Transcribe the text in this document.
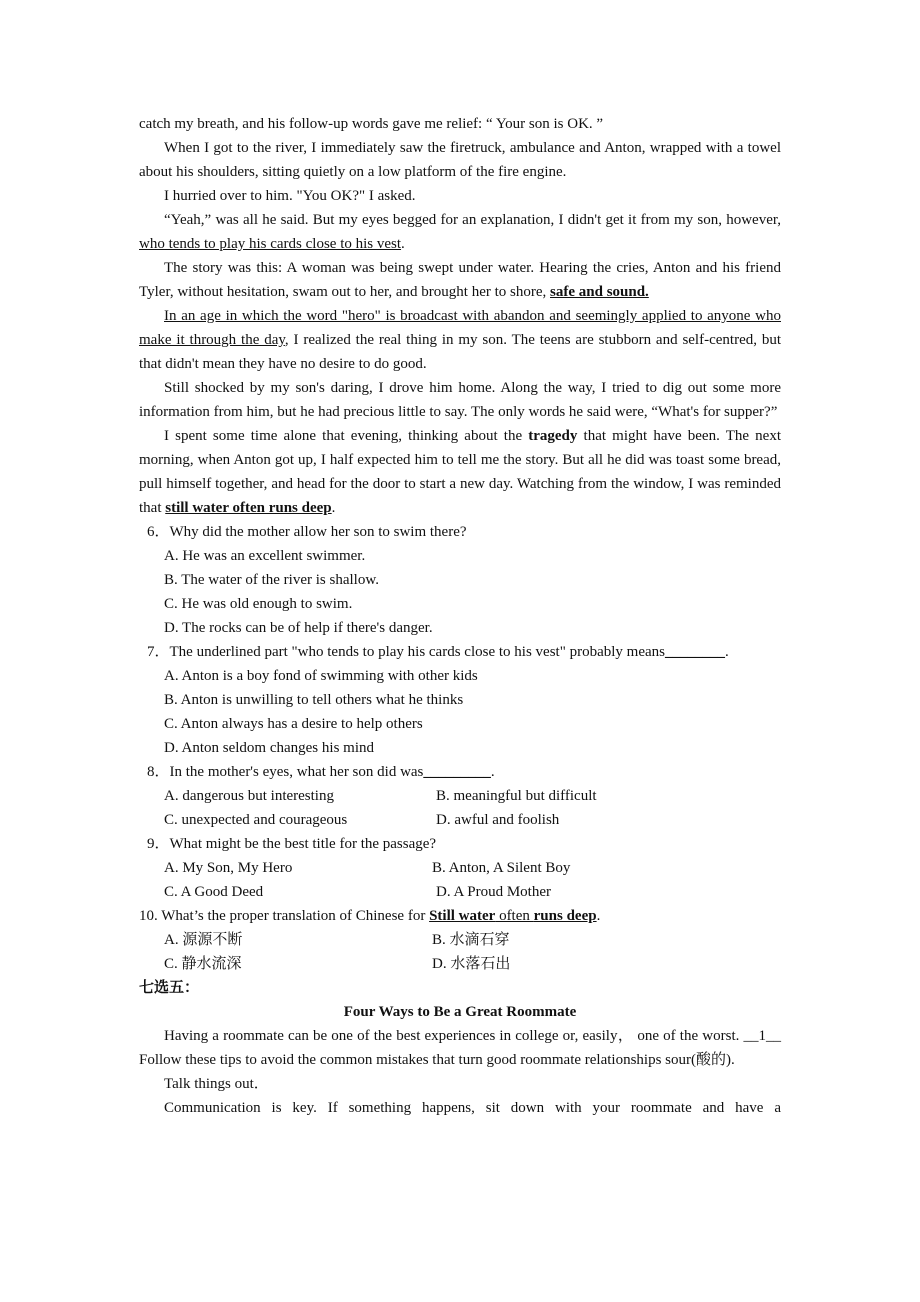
catch my breath, and his follow-up words gave me relief: “ Your son is OK. ”

When I got to the river, I immediately saw the firetruck, ambulance and Anton, wrapped with a towel about his shoulders, sitting quietly on a low platform of the fire engine.

I hurried over to him. "You OK?" I asked.

“Yeah,” was all he said. But my eyes begged for an explanation, I didn't get it from my son, however, who tends to play his cards close to his vest.

The story was this: A woman was being swept under water. Hearing the cries, Anton and his friend Tyler, without hesitation, swam out to her, and brought her to shore, safe and sound.

In an age in which the word "hero" is broadcast with abandon and seemingly applied to anyone who make it through the day, I realized the real thing in my son. The teens are stubborn and self-centred, but that didn't mean they have no desire to do good.

Still shocked by my son's daring, I drove him home. Along the way, I tried to dig out some more information from him, but he had precious little to say. The only words he said were, “What's for supper?”

I spent some time alone that evening, thinking about the tragedy that might have been. The next morning, when Anton got up, I half expected him to tell me the story. But all he did was toast some bread, pull himself together, and head for the door to start a new day. Watching from the window, I was reminded that still water often runs deep.

6．Why did the mother allow her son to swim there?

A. He was an excellent swimmer.

B. The water of the river is shallow.

C. He was old enough to swim.

D. The rocks can be of help if there's danger.

7．The underlined part "who tends to play his cards close to his vest" probably means________.

A. Anton is a boy fond of swimming with other kids

B. Anton is unwilling to tell others what he thinks

C. Anton always has a desire to help others

D. Anton seldom changes his mind

8．In the mother's eyes, what her son did was_________.

A. dangerous but interesting	B. meaningful but difficult
C. unexpected and courageous	D. awful and foolish

9．What might be the best title for the passage?

A. My Son, My Hero	B. Anton, A Silent Boy
C. A Good Deed	D. A Proud Mother

10. What’s the proper translation of Chinese for Still water often runs deep.

A. 源源不断	B. 水滴石穿
C. 静水流深	D. 水落石出

七选五：

Four Ways to Be a Great Roommate

Having a roommate can be one of the best experiences in college or, easily， one of the worst. __1__ Follow these tips to avoid the common mistakes that turn good roommate relationships sour(酸的).

Talk things out．

Communication is key. If something happens, sit down with your roommate and have a
